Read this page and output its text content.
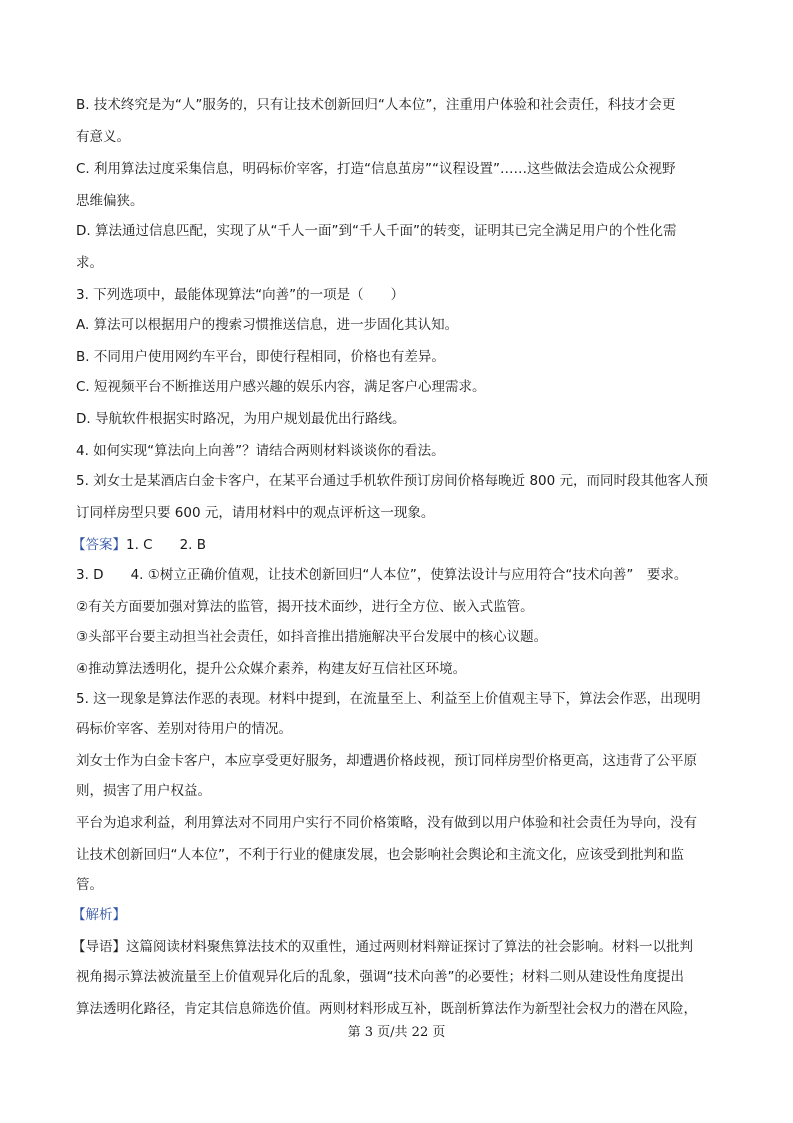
B. 技术终究是为“人”服务的，只有让技术创新回归“人本位”，注重用户体验和社会责任，科技才会更
有意义。
C. 利用算法过度采集信息，明码标价宰客，打造“信息茧房”“议程设置”……这些做法会造成公众视野
思维偏狭。
D. 算法通过信息匹配，实现了从“千人一面”到“千人千面”的转变，证明其已完全满足用户的个性化需
求。
3. 下列选项中，最能体现算法“向善”的一项是（　　）
A. 算法可以根据用户的搜索习惯推送信息，进一步固化其认知。
B. 不同用户使用网约车平台，即使行程相同，价格也有差异。
C. 短视频平台不断推送用户感兴趣的娱乐内容，满足客户心理需求。
D. 导航软件根据实时路况，为用户规划最优出行路线。
4. 如何实现“算法向上向善”？请结合两则材料谈谈你的看法。
5. 刘女士是某酒店白金卡客户，在某平台通过手机软件预订房间价格每晚近 800 元，而同时段其他客人预
订同样房型只要 600 元，请用材料中的观点评析这一现象。
【答案】1. C　　2. B
3. D　　4. ①树立正确价值观，让技术创新回归“人本位”，使算法设计与应用符合“技术向善”　要求。
②有关方面要加强对算法的监管，揭开技术面纱，进行全方位、嵌入式监管。
③头部平台要主动担当社会责任，如抖音推出措施解决平台发展中的核心议题。
④推动算法透明化，提升公众媒介素养，构建友好互信社区环境。
5. 这一现象是算法作恶的表现。材料中提到，在流量至上、利益至上价值观主导下，算法会作恶，出现明
码标价宰客、差别对待用户的情况。
刘女士作为白金卡客户，本应享受更好服务，却遭遇价格歧视，预订同样房型价格更高，这违背了公平原
则，损害了用户权益。
平台为追求利益，利用算法对不同用户实行不同价格策略，没有做到以用户体验和社会责任为导向，没有
让技术创新回归“人本位”，不利于行业的健康发展，也会影响社会舆论和主流文化，应该受到批判和监
管。
【解析】
【导语】这篇阅读材料聚焦算法技术的双重性，通过两则材料辩证探讨了算法的社会影响。材料一以批判
视角揭示算法被流量至上价值观异化后的乱象，强调“技术向善”的必要性；材料二则从建设性角度提出
算法透明化路径，肯定其信息筛选价值。两则材料形成互补，既剖析算法作为新型社会权力的潜在风险，
第 3 页/共 22 页
